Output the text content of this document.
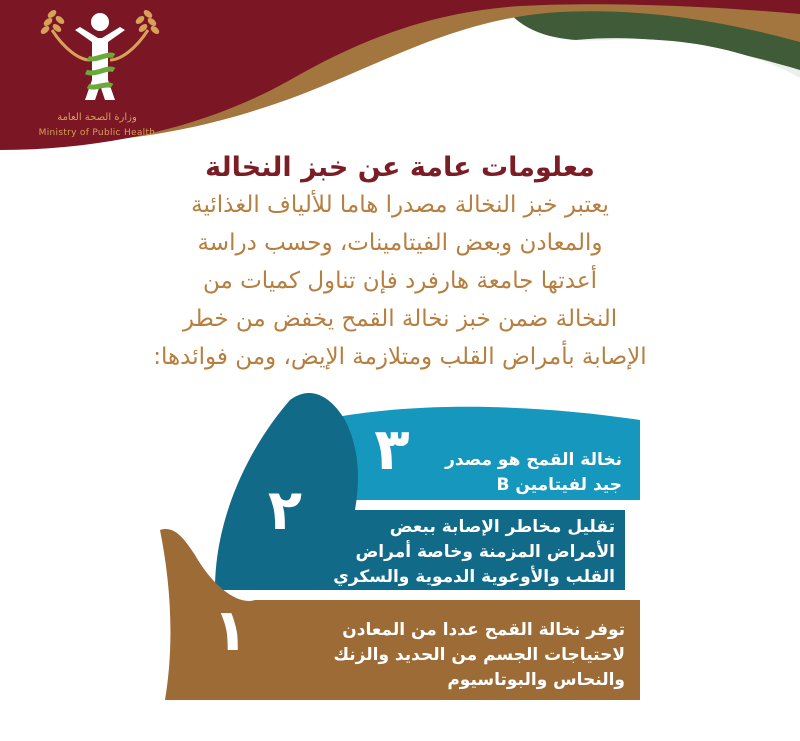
وزارة الصحة العامة
Ministry of Public Health
معلومات عامة عن خبز النخالة
يعتبر خبز النخالة مصدرا هاما للألياف الغذائية
والمعادن وبعض الفيتامينات، وحسب دراسة
أعدتها جامعة هارفرد فإن تناول كميات من
النخالة ضمن خبز نخالة القمح يخفض من خطر
الإصابة بأمراض القلب ومتلازمة الإيض، ومن فوائدها:
٣	نخالة القمح هو مصدر
جيد لفيتامين B
٢	تقليل مخاطر الإصابة ببعض
الأمراض المزمنة وخاصة أمراض
القلب والأوعوية الدموية والسكري
١	توفر نخالة القمح عددا من المعادن
لاحتياجات الجسم من الحديد والزنك
والنحاس والبوتاسيوم
